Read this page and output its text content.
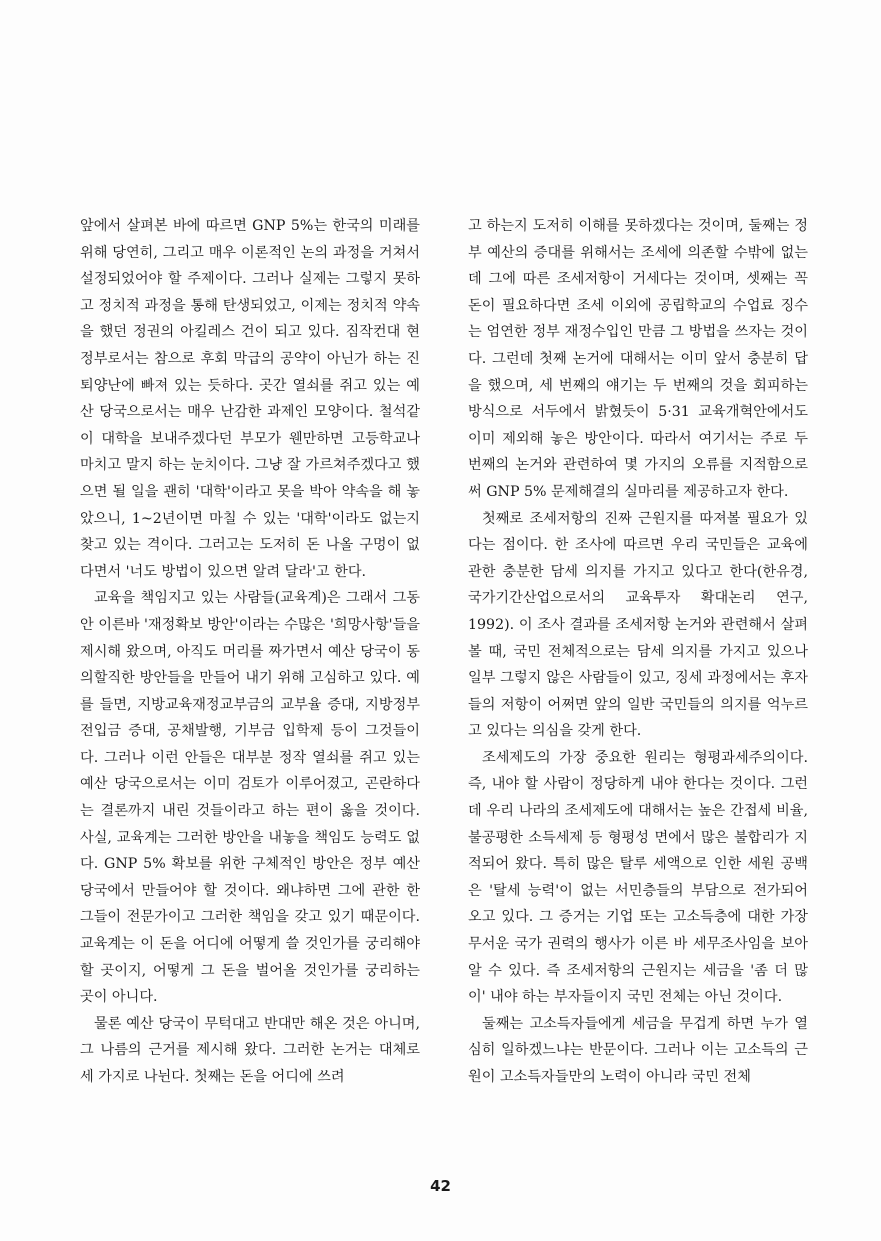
앞에서 살펴본 바에 따르면 GNP 5%는 한국의 미래를 위해 당연히, 그리고 매우 이론적인 논의 과정을 거쳐서 설정되었어야 할 주제이다. 그러나 실제는 그렇지 못하고 정치적 과정을 통해 탄생되었고, 이제는 정치적 약속을 했던 정권의 아킬레스 건이 되고 있다. 짐작컨대 현 정부로서는 참으로 후회 막급의 공약이 아닌가 하는 진퇴양난에 빠져 있는 듯하다. 곳간 열쇠를 쥐고 있는 예산 당국으로서는 매우 난감한 과제인 모양이다. 철석같이 대학을 보내주겠다던 부모가 웬만하면 고등학교나 마치고 말지 하는 눈치이다. 그냥 잘 가르쳐주겠다고 했으면 될 일을 괜히 '대학'이라고 못을 박아 약속을 해 놓았으니, 1~2년이면 마칠 수 있는 '대학'이라도 없는지 찾고 있는 격이다. 그러고는 도저히 돈 나올 구멍이 없다면서 '너도 방법이 있으면 알려 달라'고 한다.

교육을 책임지고 있는 사람들(교육계)은 그래서 그동안 이른바 '재정확보 방안'이라는 수많은 '희망사항'들을 제시해 왔으며, 아직도 머리를 짜가면서 예산 당국이 동의할직한 방안들을 만들어 내기 위해 고심하고 있다. 예를 들면, 지방교육재정교부금의 교부율 증대, 지방정부 전입금 증대, 공채발행, 기부금 입학제 등이 그것들이다. 그러나 이런 안들은 대부분 정작 열쇠를 쥐고 있는 예산 당국으로서는 이미 검토가 이루어졌고, 곤란하다는 결론까지 내린 것들이라고 하는 편이 옳을 것이다. 사실, 교육계는 그러한 방안을 내놓을 책임도 능력도 없다. GNP 5% 확보를 위한 구체적인 방안은 정부 예산 당국에서 만들어야 할 것이다. 왜냐하면 그에 관한 한 그들이 전문가이고 그러한 책임을 갖고 있기 때문이다. 교육계는 이 돈을 어디에 어떻게 쓸 것인가를 궁리해야 할 곳이지, 어떻게 그 돈을 벌어올 것인가를 궁리하는 곳이 아니다.

물론 예산 당국이 무턱대고 반대만 해온 것은 아니며, 그 나름의 근거를 제시해 왔다. 그러한 논거는 대체로 세 가지로 나뉜다. 첫째는 돈을 어디에 쓰려

고 하는지 도저히 이해를 못하겠다는 것이며, 둘째는 정부 예산의 증대를 위해서는 조세에 의존할 수밖에 없는데 그에 따른 조세저항이 거세다는 것이며, 셋째는 꼭 돈이 필요하다면 조세 이외에 공립학교의 수업료 징수는 엄연한 정부 재정수입인 만큼 그 방법을 쓰자는 것이다. 그런데 첫째 논거에 대해서는 이미 앞서 충분히 답을 했으며, 세 번째의 얘기는 두 번째의 것을 회피하는 방식으로 서두에서 밝혔듯이 5·31 교육개혁안에서도 이미 제외해 놓은 방안이다. 따라서 여기서는 주로 두 번째의 논거와 관련하여 몇 가지의 오류를 지적함으로써 GNP 5% 문제해결의 실마리를 제공하고자 한다.

첫째로 조세저항의 진짜 근원지를 따져볼 필요가 있다는 점이다. 한 조사에 따르면 우리 국민들은 교육에 관한 충분한 담세 의지를 가지고 있다고 한다(한유경, 국가기간산업으로서의 교육투자 확대논리 연구, 1992). 이 조사 결과를 조세저항 논거와 관련해서 살펴볼 때, 국민 전체적으로는 담세 의지를 가지고 있으나 일부 그렇지 않은 사람들이 있고, 징세 과정에서는 후자들의 저항이 어쩌면 앞의 일반 국민들의 의지를 억누르고 있다는 의심을 갖게 한다.

조세제도의 가장 중요한 원리는 형평과세주의이다. 즉, 내야 할 사람이 정당하게 내야 한다는 것이다. 그런데 우리 나라의 조세제도에 대해서는 높은 간접세 비율, 불공평한 소득세제 등 형평성 면에서 많은 불합리가 지적되어 왔다. 특히 많은 탈루 세액으로 인한 세원 공백은 '탈세 능력'이 없는 서민층들의 부담으로 전가되어 오고 있다. 그 증거는 기업 또는 고소득층에 대한 가장 무서운 국가 권력의 행사가 이른 바 세무조사임을 보아 알 수 있다. 즉 조세저항의 근원지는 세금을 '좀 더 많이' 내야 하는 부자들이지 국민 전체는 아닌 것이다.

둘째는 고소득자들에게 세금을 무겁게 하면 누가 열심히 일하겠느냐는 반문이다. 그러나 이는 고소득의 근원이 고소득자들만의 노력이 아니라 국민 전체

42
